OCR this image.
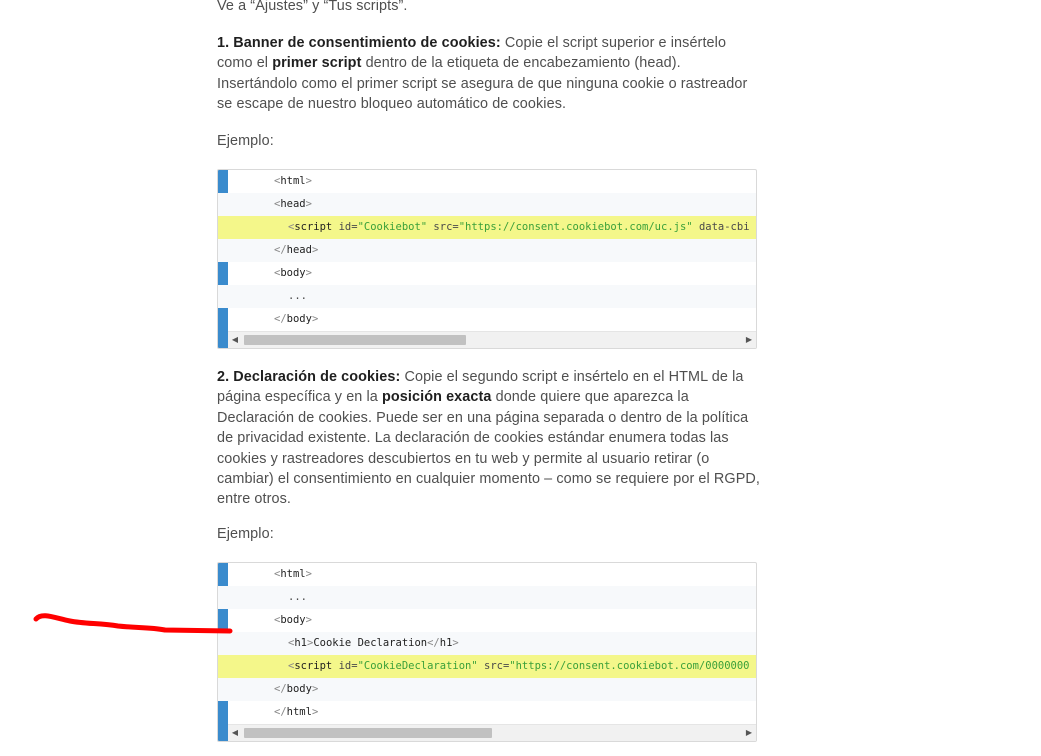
Ve a “Ajustes” y “Tus scripts”.
1. Banner de consentimiento de cookies: Copie el script superior e insértelo como el primer script dentro de la etiqueta de encabezamiento (head). Insertándolo como el primer script se asegura de que ninguna cookie o rastreador se escape de nuestro bloqueo automático de cookies.
Ejemplo:
<html>
<head>
<script id="Cookiebot" src="https://consent.cookiebot.com/uc.js" data-cbi
</head>
<body>
...
</body>
◀	▶
2. Declaración de cookies: Copie el segundo script e insértelo en el HTML de la página específica y en la posición exacta donde quiere que aparezca la Declaración de cookies. Puede ser en una página separada o dentro de la política de privacidad existente. La declaración de cookies estándar enumera todas las cookies y rastreadores descubiertos en tu web y permite al usuario retirar (o cambiar) el consentimiento en cualquier momento – como se requiere por el RGPD, entre otros.
Ejemplo:
<html>
...
<body>
<h1>Cookie Declaration</h1>
<script id="CookieDeclaration" src="https://consent.cookiebot.com/0000000
</body>
</html>
◀	▶
